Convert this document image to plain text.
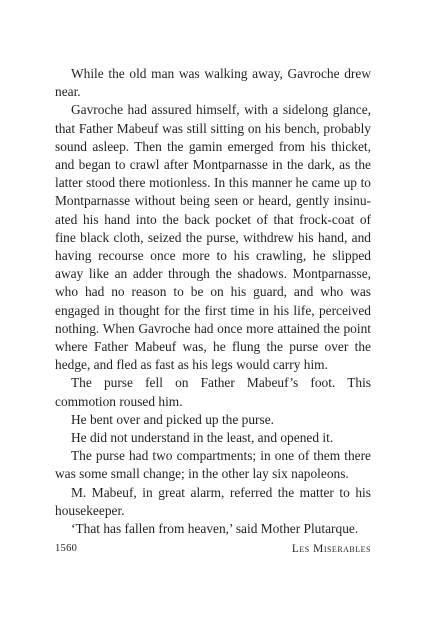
While the old man was walking away, Gavroche drew near.

Gavroche had assured himself, with a sidelong glance, that Father Mabeuf was still sitting on his bench, probably sound asleep. Then the gamin emerged from his thicket, and began to crawl after Montparnasse in the dark, as the latter stood there motionless. In this manner he came up to Montparnasse without being seen or heard, gently insinuated his hand into the back pocket of that frock-coat of fine black cloth, seized the purse, withdrew his hand, and having recourse once more to his crawling, he slipped away like an adder through the shadows. Montparnasse, who had no reason to be on his guard, and who was engaged in thought for the first time in his life, perceived nothing. When Gavroche had once more attained the point where Father Mabeuf was, he flung the purse over the hedge, and fled as fast as his legs would carry him.

The purse fell on Father Mabeuf’s foot. This commotion roused him.

He bent over and picked up the purse.

He did not understand in the least, and opened it.

The purse had two compartments; in one of them there was some small change; in the other lay six napoleons.

M. Mabeuf, in great alarm, referred the matter to his housekeeper.

‘That has fallen from heaven,’ said Mother Plutarque.

1560	Les Miserables
